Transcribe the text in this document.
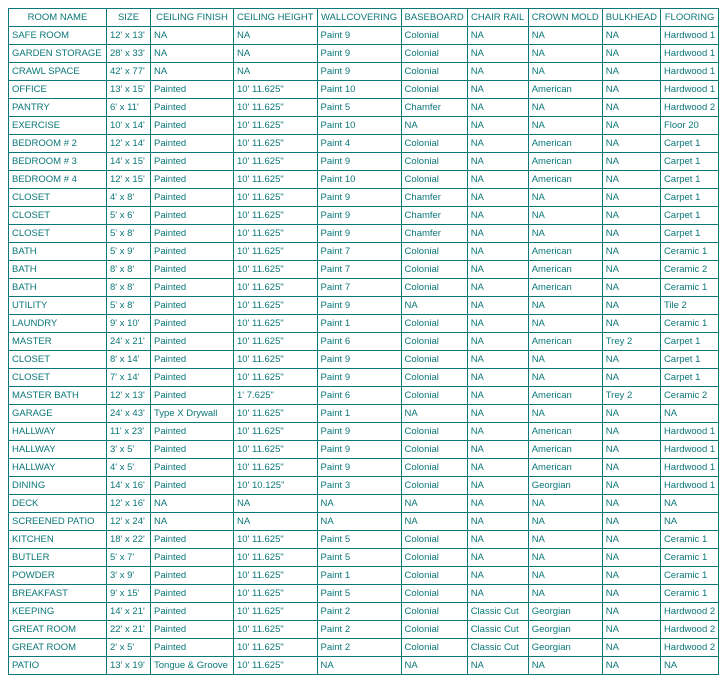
ROOM NAME	SIZE	CEILING FINISH	CEILING HEIGHT	WALLCOVERING	BASEBOARD	CHAIR RAIL	CROWN MOLD	BULKHEAD	FLOORING
SAFE ROOM	12' x 13'	NA	NA	Paint 9	Colonial	NA	NA	NA	Hardwood 1
GARDEN STORAGE	28' x 33'	NA	NA	Paint 9	Colonial	NA	NA	NA	Hardwood 1
CRAWL SPACE	42' x 77'	NA	NA	Paint 9	Colonial	NA	NA	NA	Hardwood 1
OFFICE	13' x 15'	Painted	10' 11.625"	Paint 10	Colonial	NA	American	NA	Hardwood 1
PANTRY	6' x 11'	Painted	10' 11.625"	Paint 5	Chamfer	NA	NA	NA	Hardwood 2
EXERCISE	10' x 14'	Painted	10' 11.625"	Paint 10	NA	NA	NA	NA	Floor 20
BEDROOM # 2	12' x 14'	Painted	10' 11.625"	Paint 4	Colonial	NA	American	NA	Carpet 1
BEDROOM # 3	14' x 15'	Painted	10' 11.625"	Paint 9	Colonial	NA	American	NA	Carpet 1
BEDROOM # 4	12' x 15'	Painted	10' 11.625"	Paint 10	Colonial	NA	American	NA	Carpet 1
CLOSET	4' x 8'	Painted	10' 11.625"	Paint 9	Chamfer	NA	NA	NA	Carpet 1
CLOSET	5' x 6'	Painted	10' 11.625"	Paint 9	Chamfer	NA	NA	NA	Carpet 1
CLOSET	5' x 8'	Painted	10' 11.625"	Paint 9	Chamfer	NA	NA	NA	Carpet 1
BATH	5' x 9'	Painted	10' 11.625"	Paint 7	Colonial	NA	American	NA	Ceramic 1
BATH	8' x 8'	Painted	10' 11.625"	Paint 7	Colonial	NA	American	NA	Ceramic 2
BATH	8' x 8'	Painted	10' 11.625"	Paint 7	Colonial	NA	American	NA	Ceramic 1
UTILITY	5' x 8'	Painted	10' 11.625"	Paint 9	NA	NA	NA	NA	Tile 2
LAUNDRY	9' x 10'	Painted	10' 11.625"	Paint 1	Colonial	NA	NA	NA	Ceramic 1
MASTER	24' x 21'	Painted	10' 11.625"	Paint 6	Colonial	NA	American	Trey 2	Carpet 1
CLOSET	8' x 14'	Painted	10' 11.625"	Paint 9	Colonial	NA	NA	NA	Carpet 1
CLOSET	7' x 14'	Painted	10' 11.625"	Paint 9	Colonial	NA	NA	NA	Carpet 1
MASTER BATH	12' x 13'	Painted	1' 7.625"	Paint 6	Colonial	NA	American	Trey 2	Ceramic 2
GARAGE	24' x 43'	Type X Drywall	10' 11.625"	Paint 1	NA	NA	NA	NA	NA
HALLWAY	11' x 23'	Painted	10' 11.625"	Paint 9	Colonial	NA	American	NA	Hardwood 1
HALLWAY	3' x 5'	Painted	10' 11.625"	Paint 9	Colonial	NA	American	NA	Hardwood 1
HALLWAY	4' x 5'	Painted	10' 11.625"	Paint 9	Colonial	NA	American	NA	Hardwood 1
DINING	14' x 16'	Painted	10' 10.125"	Paint 3	Colonial	NA	Georgian	NA	Hardwood 1
DECK	12' x 16'	NA	NA	NA	NA	NA	NA	NA	NA
SCREENED PATIO	12' x 24'	NA	NA	NA	NA	NA	NA	NA	NA
KITCHEN	18' x 22'	Painted	10' 11.625"	Paint 5	Colonial	NA	NA	NA	Ceramic 1
BUTLER	5' x 7'	Painted	10' 11.625"	Paint 5	Colonial	NA	NA	NA	Ceramic 1
POWDER	3' x 9'	Painted	10' 11.625"	Paint 1	Colonial	NA	NA	NA	Ceramic 1
BREAKFAST	9' x 15'	Painted	10' 11.625"	Paint 5	Colonial	NA	NA	NA	Ceramic 1
KEEPING	14' x 21'	Painted	10' 11.625"	Paint 2	Colonial	Classic Cut	Georgian	NA	Hardwood 2
GREAT ROOM	22' x 21'	Painted	10' 11.625"	Paint 2	Colonial	Classic Cut	Georgian	NA	Hardwood 2
GREAT ROOM	2' x 5'	Painted	10' 11.625"	Paint 2	Colonial	Classic Cut	Georgian	NA	Hardwood 2
PATIO	13' x 19'	Tongue & Groove	10' 11.625"	NA	NA	NA	NA	NA	NA
